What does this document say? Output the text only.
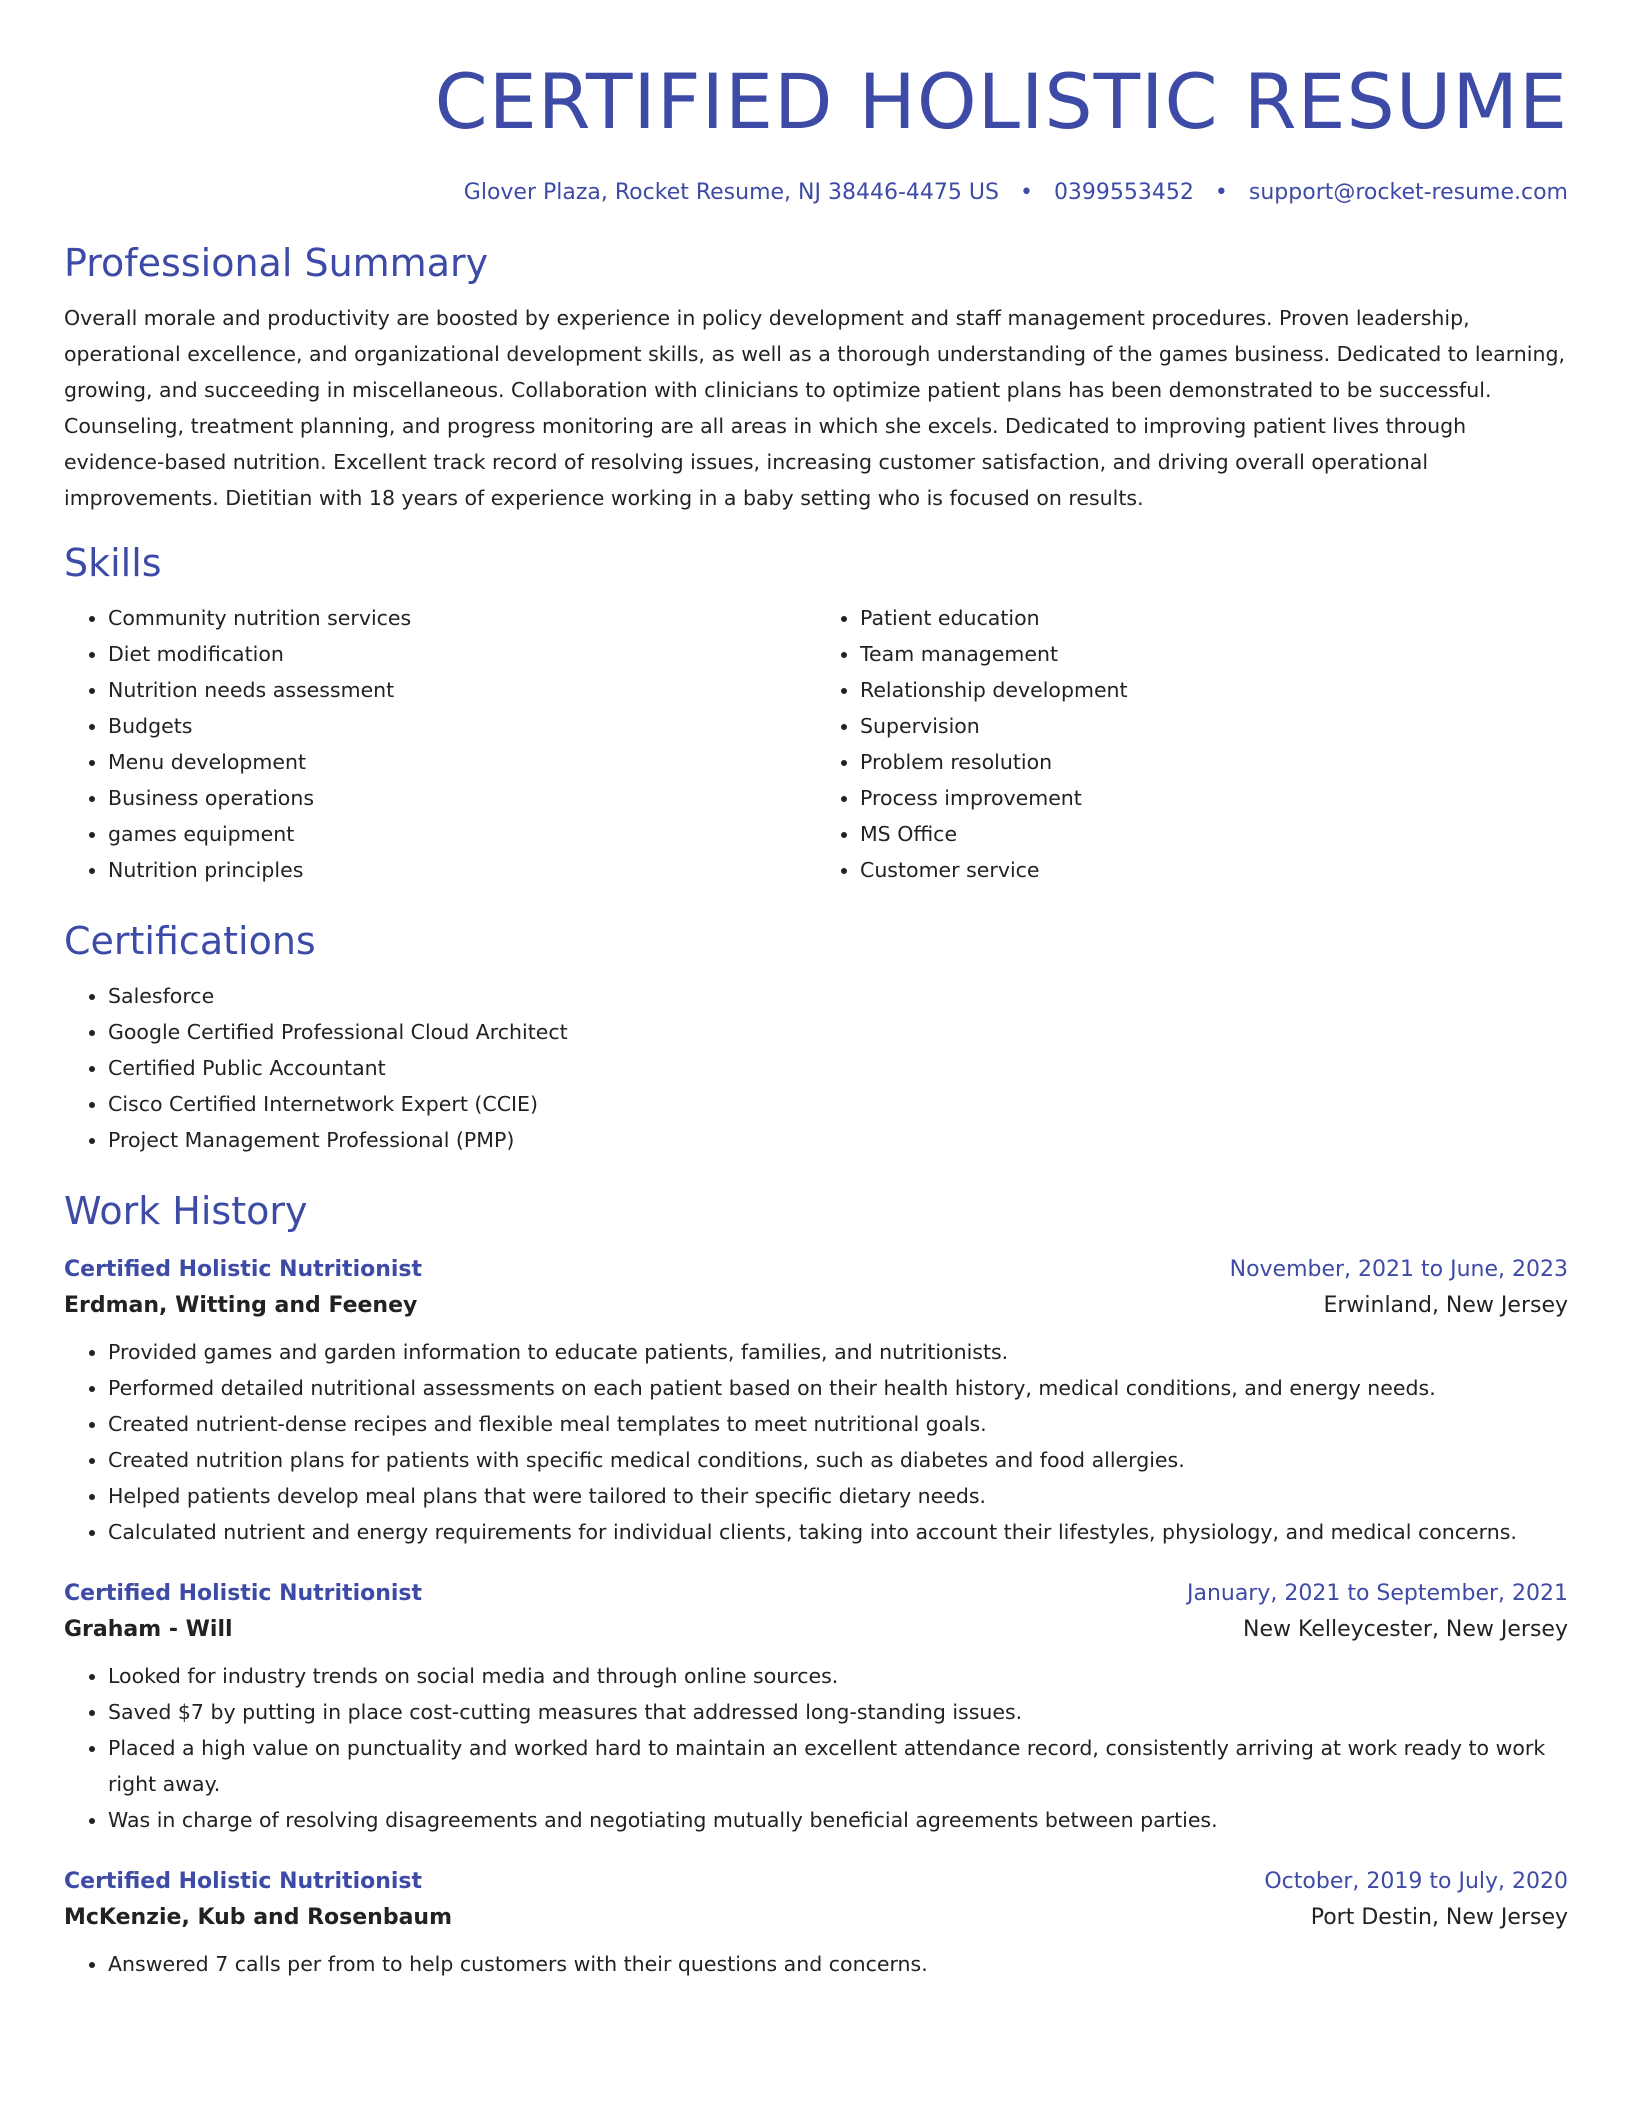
CERTIFIED HOLISTIC RESUME
Glover Plaza, Rocket Resume, NJ 38446-4475 US • 0399553452 • support@rocket-resume.com
Professional Summary

Overall morale and productivity are boosted by experience in policy development and staff management procedures. Proven leadership, operational excellence, and organizational development skills, as well as a thorough understanding of the games business. Dedicated to learning, growing, and succeeding in miscellaneous. Collaboration with clinicians to optimize patient plans has been demonstrated to be successful. Counseling, treatment planning, and progress monitoring are all areas in which she excels. Dedicated to improving patient lives through evidence-based nutrition. Excellent track record of resolving issues, increasing customer satisfaction, and driving overall operational improvements. Dietitian with 18 years of experience working in a baby setting who is focused on results.

Skills
• Community nutrition services
• Diet modification
• Nutrition needs assessment
• Budgets
• Menu development
• Business operations
• games equipment
• Nutrition principles
• Patient education
• Team management
• Relationship development
• Supervision
• Problem resolution
• Process improvement
• MS Office
• Customer service
Certifications
• Salesforce
• Google Certified Professional Cloud Architect
• Certified Public Accountant
• Cisco Certified Internetwork Expert (CCIE)
• Project Management Professional (PMP)
Work History
Certified Holistic Nutritionist	November, 2021 to June, 2023
Erdman, Witting and Feeney	Erwinland, New Jersey
• Provided games and garden information to educate patients, families, and nutritionists.
• Performed detailed nutritional assessments on each patient based on their health history, medical conditions, and energy needs.
• Created nutrient-dense recipes and flexible meal templates to meet nutritional goals.
• Created nutrition plans for patients with specific medical conditions, such as diabetes and food allergies.
• Helped patients develop meal plans that were tailored to their specific dietary needs.
• Calculated nutrient and energy requirements for individual clients, taking into account their lifestyles, physiology, and medical concerns.
Certified Holistic Nutritionist	January, 2021 to September, 2021
Graham - Will	New Kelleycester, New Jersey
• Looked for industry trends on social media and through online sources.
• Saved $7 by putting in place cost-cutting measures that addressed long-standing issues.
• Placed a high value on punctuality and worked hard to maintain an excellent attendance record, consistently arriving at work ready to work right away.
• Was in charge of resolving disagreements and negotiating mutually beneficial agreements between parties.
Certified Holistic Nutritionist	October, 2019 to July, 2020
McKenzie, Kub and Rosenbaum	Port Destin, New Jersey
• Answered 7 calls per from to help customers with their questions and concerns.
